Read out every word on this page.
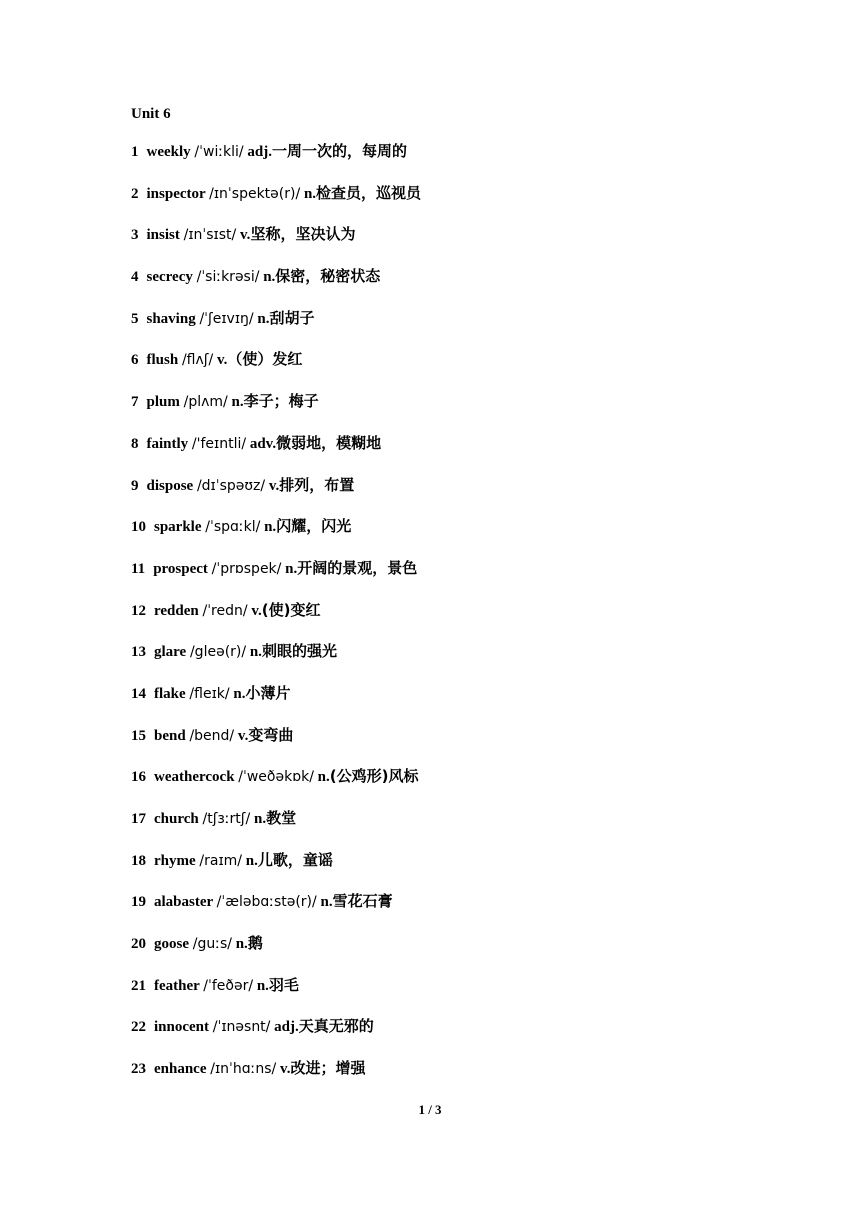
Unit 6
1 weekly /ˈwiːkli/ adj.一周一次的，每周的
2 inspector /ɪnˈspektə(r)/ n.检查员，巡视员
3 insist /ɪnˈsɪst/ v.坚称，坚决认为
4 secrecy /ˈsiːkrəsi/ n.保密，秘密状态
5 shaving /ˈʃeɪvɪŋ/ n.刮胡子
6 flush /flʌʃ/ v.（使）发红
7 plum /plʌm/ n.李子；梅子
8 faintly /'feɪntli/ adv.微弱地，模糊地
9 dispose /dɪˈspəʊz/ v.排列，布置
10 sparkle /ˈspɑːkl/ n.闪耀，闪光
11 prospect /ˈprɒspek/ n.开阔的景观，景色
12 redden /ˈredn/ v.(使)变红
13 glare /gleə(r)/ n.刺眼的强光
14 flake /fleɪk/ n.小薄片
15 bend /bend/ v.变弯曲
16 weathercock /ˈweðəkɒk/ n.(公鸡形)风标
17 church /tʃɜːrtʃ/ n.教堂
18 rhyme /raɪm/ n.儿歌，童谣
19 alabaster /ˈæləbɑːstə(r)/ n.雪花石膏
20 goose /guːs/ n.鹅
21 feather /ˈfeðər/ n.羽毛
22 innocent /ˈɪnəsnt/ adj.天真无邪的
23 enhance /ɪnˈhɑːns/ v.改进；增强
1 / 3
